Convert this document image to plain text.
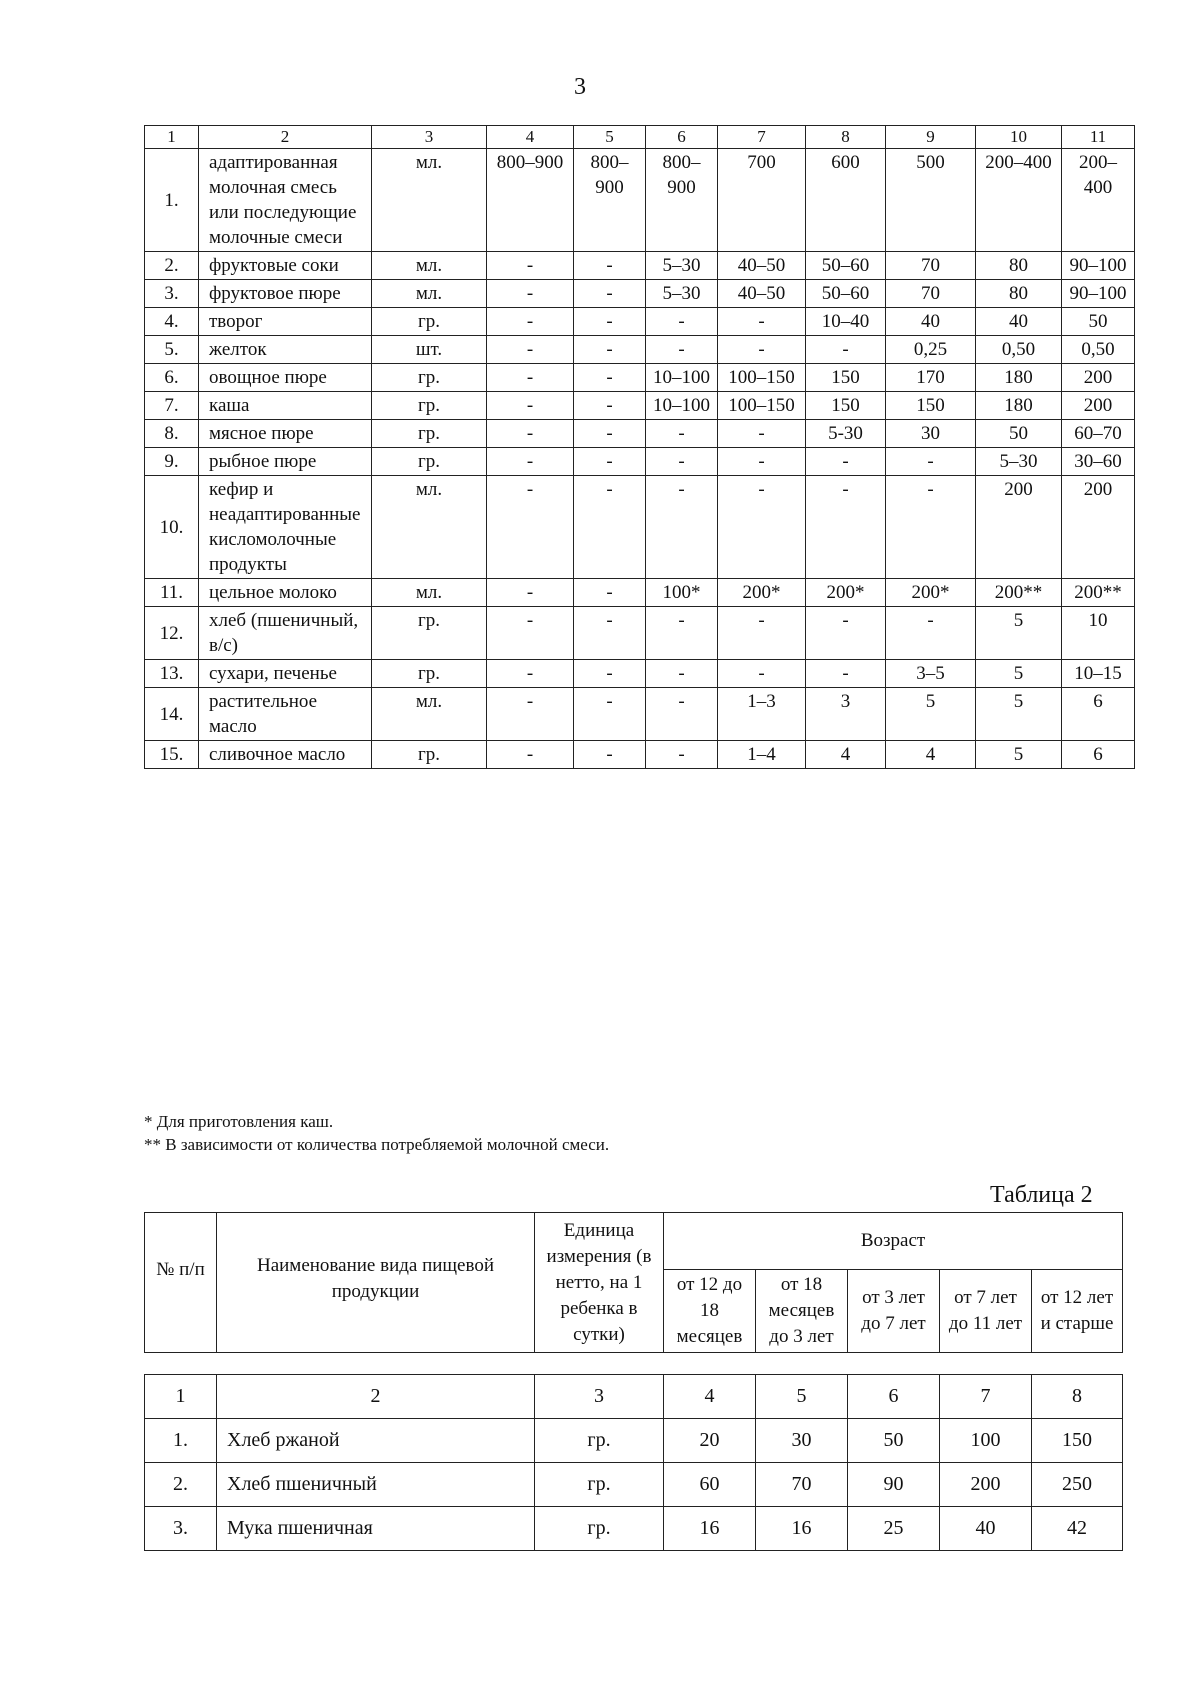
3
1	2	3	4	5	6	7	8	9	10	11
1.	адаптированная молочная смесь или последующие молочные смеси	мл.	800–900	800–900	800–900	700	600	500	200–400	200–400
2.	фруктовые соки	мл.	-	-	5–30	40–50	50–60	70	80	90–100
3.	фруктовое пюре	мл.	-	-	5–30	40–50	50–60	70	80	90–100
4.	творог	гр.	-	-	-	-	10–40	40	40	50
5.	желток	шт.	-	-	-	-	-	0,25	0,50	0,50
6.	овощное пюре	гр.	-	-	10–100	100–150	150	170	180	200
7.	каша	гр.	-	-	10–100	100–150	150	150	180	200
8.	мясное пюре	гр.	-	-	-	-	5-30	30	50	60–70
9.	рыбное пюре	гр.	-	-	-	-	-	-	5–30	30–60
10.	кефир и неадаптированные кисломолочные продукты	мл.	-	-	-	-	-	-	200	200
11.	цельное молоко	мл.	-	-	100*	200*	200*	200*	200**	200**
12.	хлеб (пшеничный, в/с)	гр.	-	-	-	-	-	-	5	10
13.	сухари, печенье	гр.	-	-	-	-	-	3–5	5	10–15
14.	растительное масло	мл.	-	-	-	1–3	3	5	5	6
15.	сливочное масло	гр.	-	-	-	1–4	4	4	5	6
* Для приготовления каш.
** В зависимости от количества потребляемой молочной смеси.
Таблица 2
№ п/п	Наименование вида пищевой продукции	Единица измерения (в нетто, на 1 ребенка в сутки)	Возраст				
			от 12 до 18 месяцев	от 18 месяцев до 3 лет	от 3 лет до 7 лет	от 7 лет до 11 лет	от 12 лет и старше
1	2	3	4	5	6	7	8
1.	Хлеб ржаной	гр.	20	30	50	100	150
2.	Хлеб пшеничный	гр.	60	70	90	200	250
3.	Мука пшеничная	гр.	16	16	25	40	42
